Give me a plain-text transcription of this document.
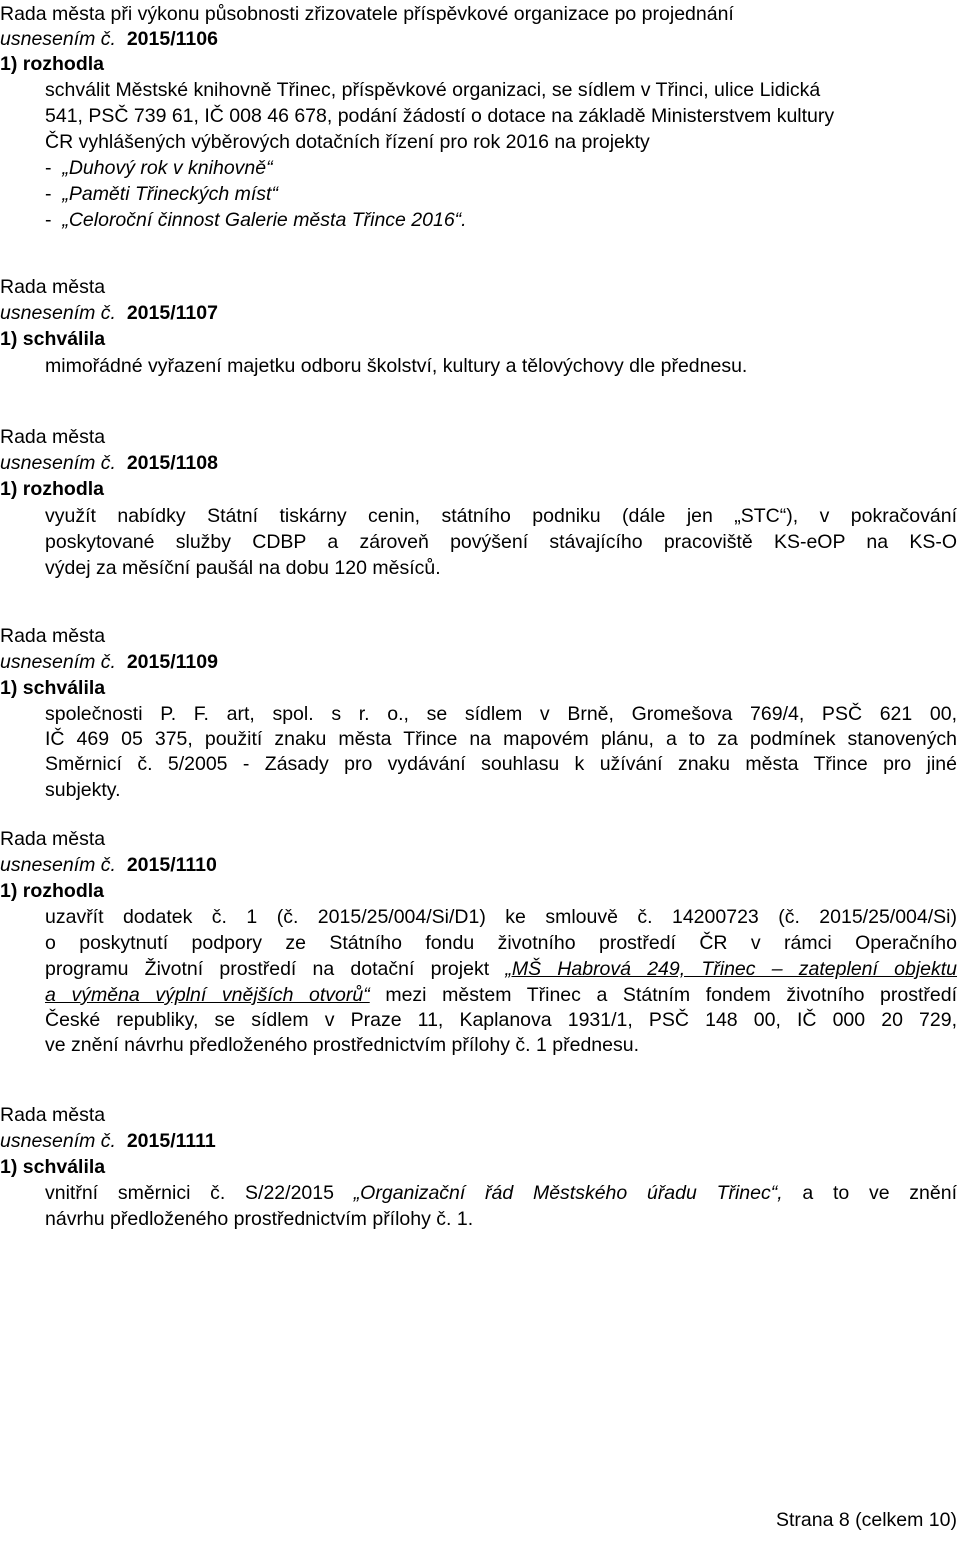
Rada města při výkonu působnosti zřizovatele příspěvkové organizace po projednání
usnesením č. 2015/1106
1) rozhodla
schválit Městské knihovně Třinec, příspěvkové organizaci, se sídlem v Třinci, ulice Lidická
541, PSČ 739 61, IČ 008 46 678, podání žádostí o dotace na základě Ministerstvem kultury
ČR vyhlášených výběrových dotačních řízení pro rok 2016 na projekty
- „Duhový rok v knihovně“
- „Paměti Třineckých míst“
- „Celoroční činnost Galerie města Třince 2016“.
Rada města
usnesením č. 2015/1107
1) schválila
mimořádné vyřazení majetku odboru školství, kultury a tělovýchovy dle přednesu.
Rada města
usnesením č. 2015/1108
1) rozhodla
využít nabídky Státní tiskárny cenin, státního podniku (dále jen „STC“), v pokračování
poskytované služby CDBP a zároveň povýšení stávajícího pracoviště KS-eOP na KS-O
výdej za měsíční paušál na dobu 120 měsíců.
Rada města
usnesením č. 2015/1109
1) schválila
společnosti P. F. art, spol. s r. o., se sídlem v Brně, Gromešova 769/4, PSČ 621 00,
IČ 469 05 375, použití znaku města Třince na mapovém plánu, a to za podmínek stanovených
Směrnicí č. 5/2005 - Zásady pro vydávání souhlasu k užívání znaku města Třince pro jiné
subjekty.
Rada města
usnesením č. 2015/1110
1) rozhodla
uzavřít dodatek č. 1 (č. 2015/25/004/Si/D1) ke smlouvě č. 14200723 (č. 2015/25/004/Si)
o poskytnutí podpory ze Státního fondu životního prostředí ČR v rámci Operačního
programu Životní prostředí na dotační projekt „MŠ Habrová 249, Třinec – zateplení objektu
a výměna výplní vnějších otvorů“ mezi městem Třinec a Státním fondem životního prostředí
České republiky, se sídlem v Praze 11, Kaplanova 1931/1, PSČ 148 00, IČ 000 20 729,
ve znění návrhu předloženého prostřednictvím přílohy č. 1 přednesu.
Rada města
usnesením č. 2015/1111
1) schválila
vnitřní směrnici č. S/22/2015 „Organizační řád Městského úřadu Třinec“, a to ve znění
návrhu předloženého prostřednictvím přílohy č. 1.
Strana 8 (celkem 10)
